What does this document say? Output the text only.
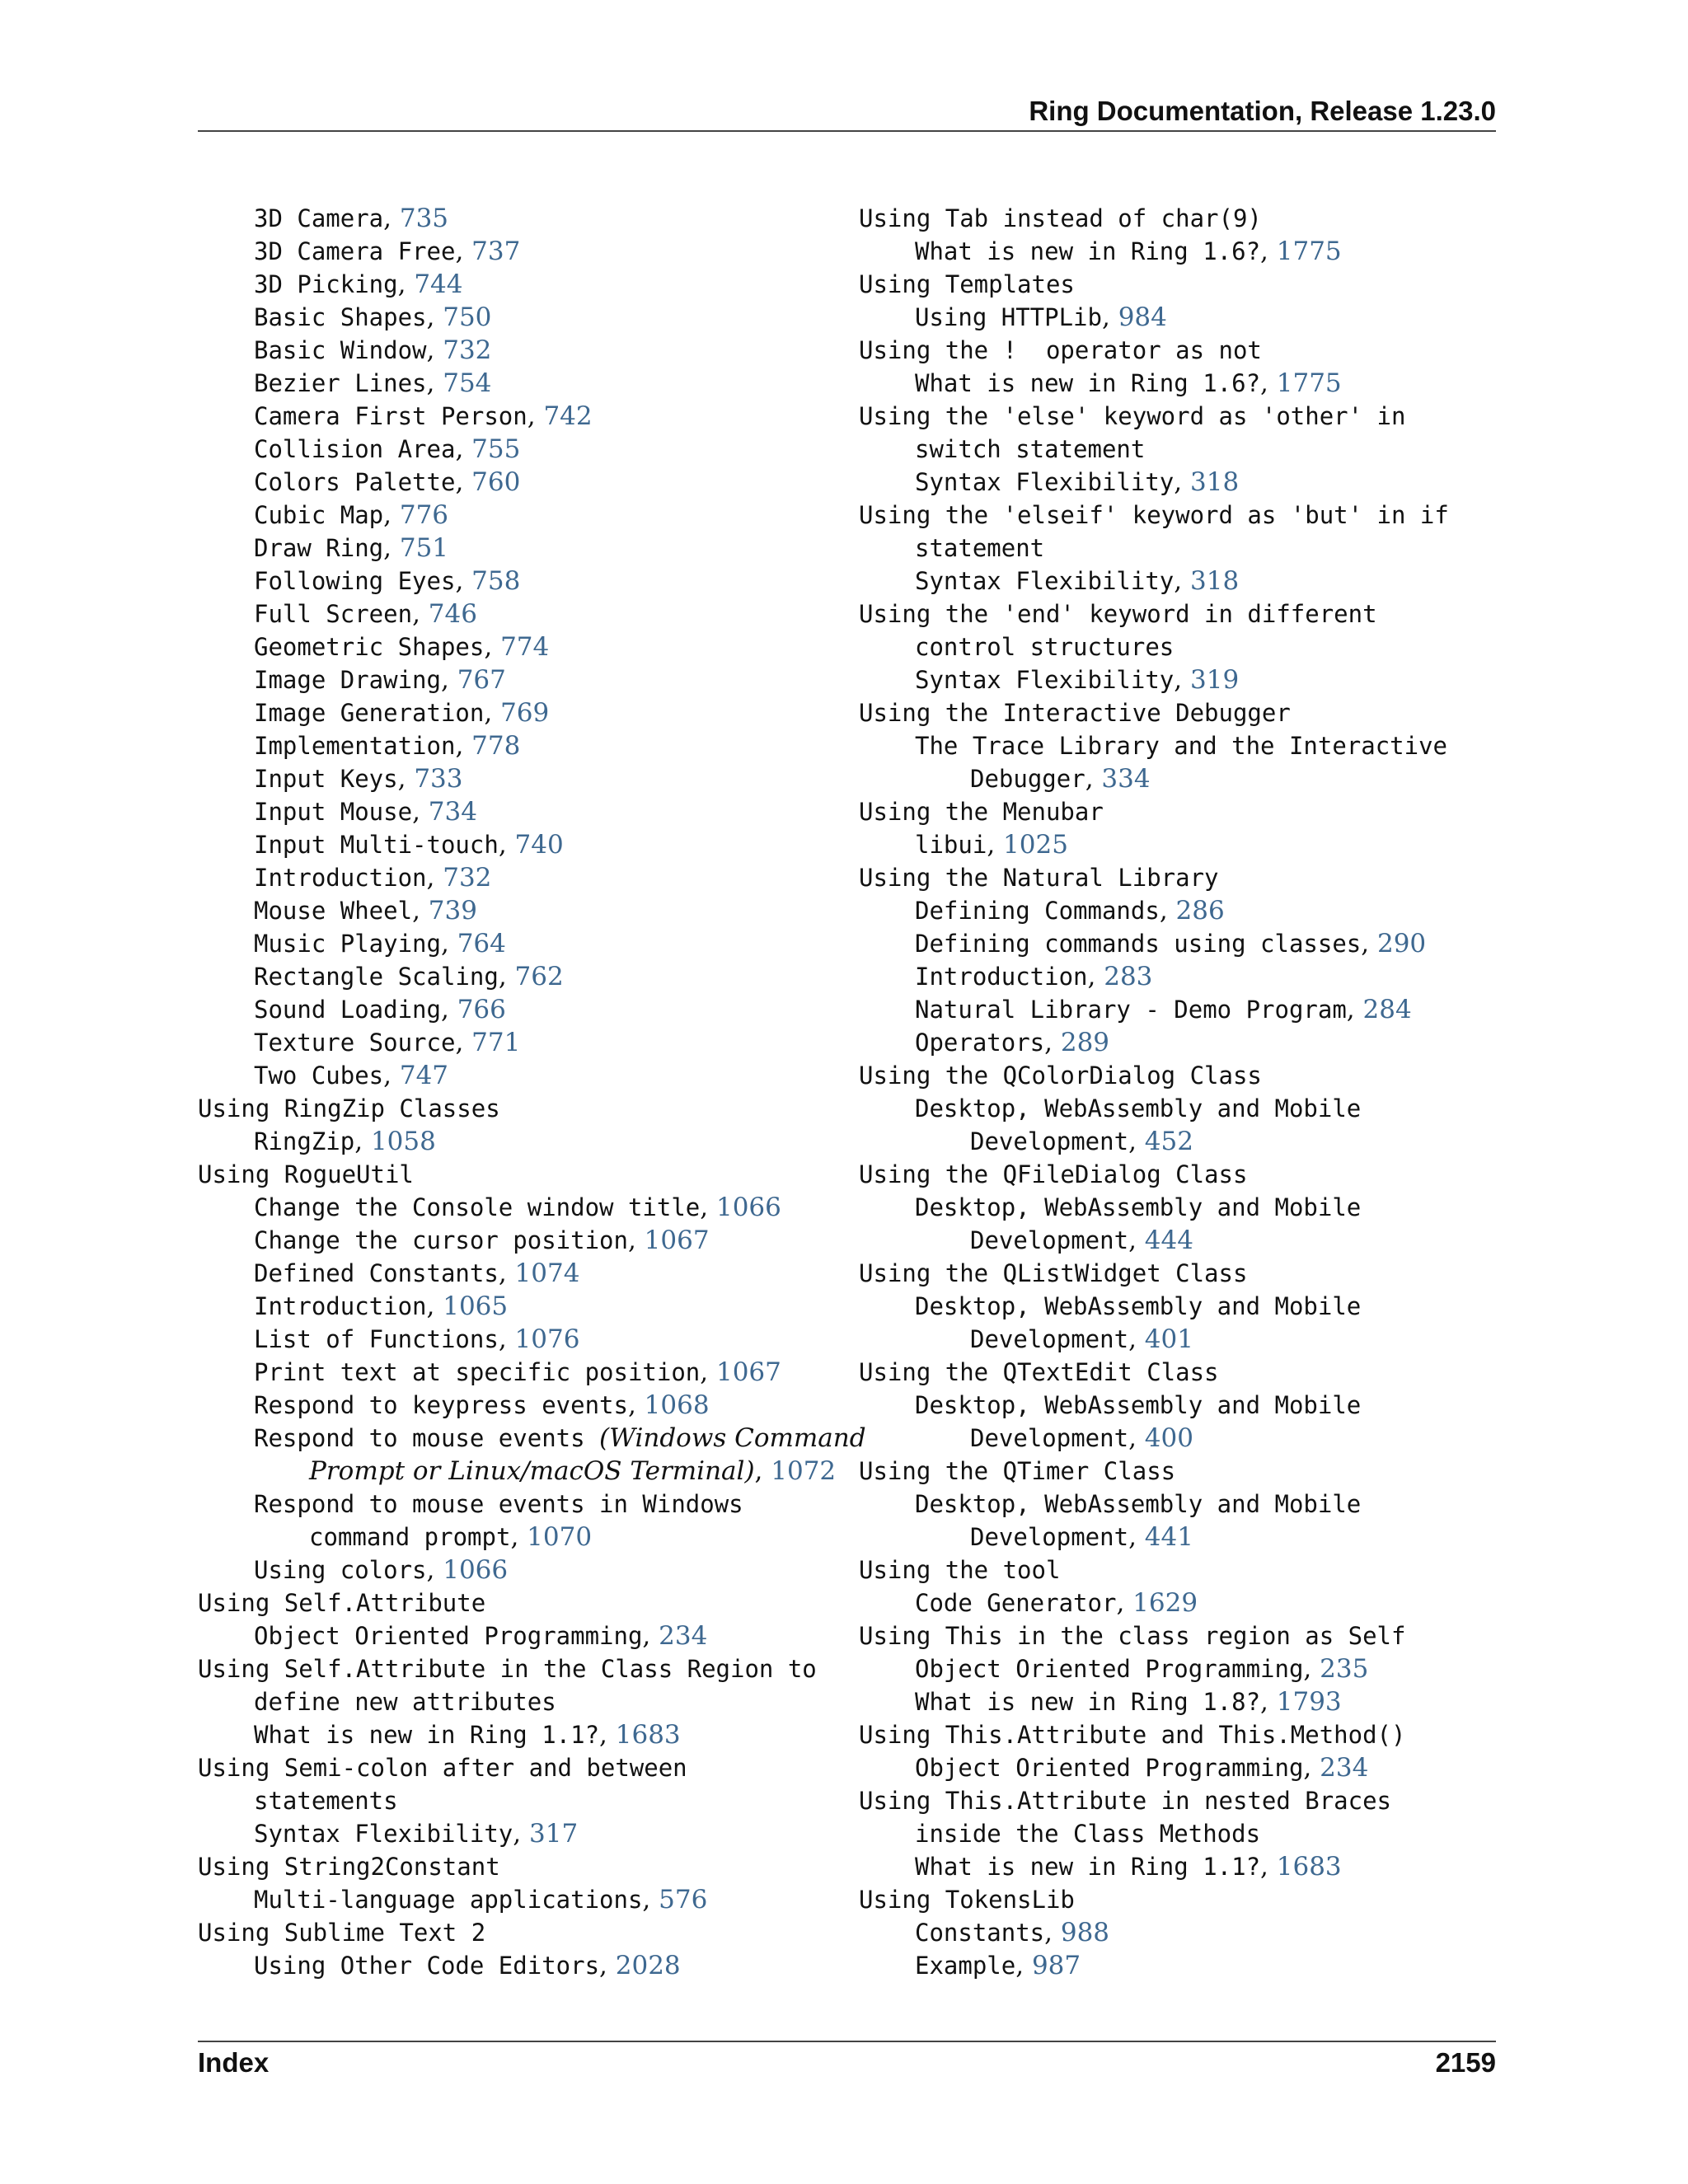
Ring Documentation, Release 1.23.0
3D Camera, 735
3D Camera Free, 737
3D Picking, 744
Basic Shapes, 750
Basic Window, 732
Bezier Lines, 754
Camera First Person, 742
Collision Area, 755
Colors Palette, 760
Cubic Map, 776
Draw Ring, 751
Following Eyes, 758
Full Screen, 746
Geometric Shapes, 774
Image Drawing, 767
Image Generation, 769
Implementation, 778
Input Keys, 733
Input Mouse, 734
Input Multi-touch, 740
Introduction, 732
Mouse Wheel, 739
Music Playing, 764
Rectangle Scaling, 762
Sound Loading, 766
Texture Source, 771
Two Cubes, 747
Using RingZip Classes
RingZip, 1058
Using RogueUtil
Change the Console window title, 1066
Change the cursor position, 1067
Defined Constants, 1074
Introduction, 1065
List of Functions, 1076
Print text at specific position, 1067
Respond to keypress events, 1068
Respond to mouse events (Windows Command
Prompt or Linux/macOS Terminal), 1072
Respond to mouse events in Windows
command prompt, 1070
Using colors, 1066
Using Self.Attribute
Object Oriented Programming, 234
Using Self.Attribute in the Class Region to
define new attributes
What is new in Ring 1.1?, 1683
Using Semi-colon after and between
statements
Syntax Flexibility, 317
Using String2Constant
Multi-language applications, 576
Using Sublime Text 2
Using Other Code Editors, 2028
Using Tab instead of char(9)
What is new in Ring 1.6?, 1775
Using Templates
Using HTTPLib, 984
Using the !  operator as not
What is new in Ring 1.6?, 1775
Using the 'else' keyword as 'other' in
switch statement
Syntax Flexibility, 318
Using the 'elseif' keyword as 'but' in if
statement
Syntax Flexibility, 318
Using the 'end' keyword in different
control structures
Syntax Flexibility, 319
Using the Interactive Debugger
The Trace Library and the Interactive
Debugger, 334
Using the Menubar
libui, 1025
Using the Natural Library
Defining Commands, 286
Defining commands using classes, 290
Introduction, 283
Natural Library - Demo Program, 284
Operators, 289
Using the QColorDialog Class
Desktop, WebAssembly and Mobile
Development, 452
Using the QFileDialog Class
Desktop, WebAssembly and Mobile
Development, 444
Using the QListWidget Class
Desktop, WebAssembly and Mobile
Development, 401
Using the QTextEdit Class
Desktop, WebAssembly and Mobile
Development, 400
Using the QTimer Class
Desktop, WebAssembly and Mobile
Development, 441
Using the tool
Code Generator, 1629
Using This in the class region as Self
Object Oriented Programming, 235
What is new in Ring 1.8?, 1793
Using This.Attribute and This.Method()
Object Oriented Programming, 234
Using This.Attribute in nested Braces
inside the Class Methods
What is new in Ring 1.1?, 1683
Using TokensLib
Constants, 988
Example, 987
Index	2159
